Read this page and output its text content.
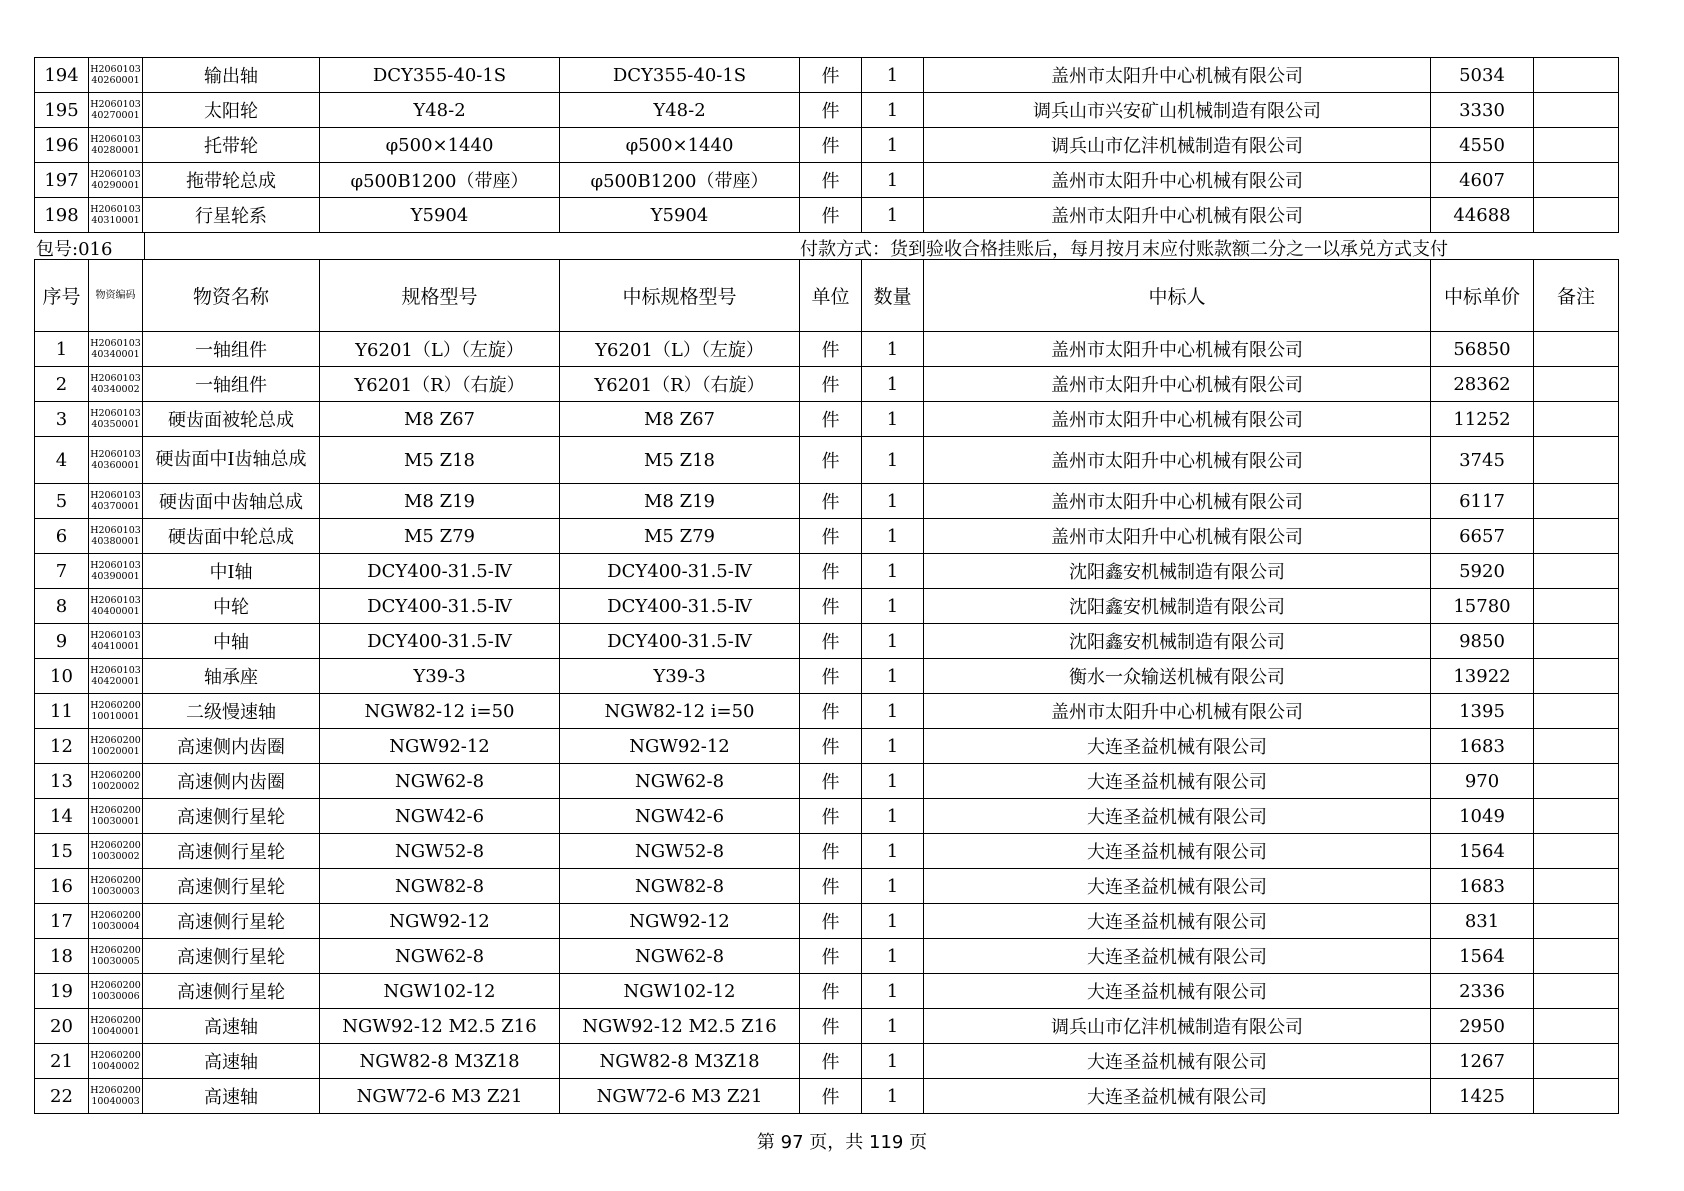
194	H2060103 40260001	输出轴	DCY355-40-1S	DCY355-40-1S	件	1	盖州市太阳升中心机械有限公司	5034	
195	H2060103 40270001	太阳轮	Y48-2	Y48-2	件	1	调兵山市兴安矿山机械制造有限公司	3330	
196	H2060103 40280001	托带轮	φ500×1440	φ500×1440	件	1	调兵山市亿沣机械制造有限公司	4550	
197	H2060103 40290001	拖带轮总成	φ500B1200（带座）	φ500B1200（带座）	件	1	盖州市太阳升中心机械有限公司	4607	
198	H2060103 40310001	行星轮系	Y5904	Y5904	件	1	盖州市太阳升中心机械有限公司	44688	
包号:016	付款方式：货到验收合格挂账后，每月按月末应付账款额二分之一以承兑方式支付
序号	物资编码	物资名称	规格型号	中标规格型号	单位	数量	中标人	中标单价	备注
1	H2060103 40340001	一轴组件	Y6201（L）（左旋）	Y6201（L）（左旋）	件	1	盖州市太阳升中心机械有限公司	56850	
2	H2060103 40340002	一轴组件	Y6201（R）（右旋）	Y6201（R）（右旋）	件	1	盖州市太阳升中心机械有限公司	28362	
3	H2060103 40350001	硬齿面被轮总成	M8 Z67	M8 Z67	件	1	盖州市太阳升中心机械有限公司	11252	
4	H2060103 40360001	硬齿面中I齿轴总成	M5 Z18	M5 Z18	件	1	盖州市太阳升中心机械有限公司	3745	
5	H2060103 40370001	硬齿面中齿轴总成	M8 Z19	M8 Z19	件	1	盖州市太阳升中心机械有限公司	6117	
6	H2060103 40380001	硬齿面中轮总成	M5 Z79	M5 Z79	件	1	盖州市太阳升中心机械有限公司	6657	
7	H2060103 40390001	中Ⅰ轴	DCY400-31.5-Ⅳ	DCY400-31.5-Ⅳ	件	1	沈阳鑫安机械制造有限公司	5920	
8	H2060103 40400001	中轮	DCY400-31.5-Ⅳ	DCY400-31.5-Ⅳ	件	1	沈阳鑫安机械制造有限公司	15780	
9	H2060103 40410001	中轴	DCY400-31.5-Ⅳ	DCY400-31.5-Ⅳ	件	1	沈阳鑫安机械制造有限公司	9850	
10	H2060103 40420001	轴承座	Y39-3	Y39-3	件	1	衡水一众输送机械有限公司	13922	
11	H2060200 10010001	二级慢速轴	NGW82-12 i=50	NGW82-12 i=50	件	1	盖州市太阳升中心机械有限公司	1395	
12	H2060200 10020001	高速侧内齿圈	NGW92-12	NGW92-12	件	1	大连圣益机械有限公司	1683	
13	H2060200 10020002	高速侧内齿圈	NGW62-8	NGW62-8	件	1	大连圣益机械有限公司	970	
14	H2060200 10030001	高速侧行星轮	NGW42-6	NGW42-6	件	1	大连圣益机械有限公司	1049	
15	H2060200 10030002	高速侧行星轮	NGW52-8	NGW52-8	件	1	大连圣益机械有限公司	1564	
16	H2060200 10030003	高速侧行星轮	NGW82-8	NGW82-8	件	1	大连圣益机械有限公司	1683	
17	H2060200 10030004	高速侧行星轮	NGW92-12	NGW92-12	件	1	大连圣益机械有限公司	831	
18	H2060200 10030005	高速侧行星轮	NGW62-8	NGW62-8	件	1	大连圣益机械有限公司	1564	
19	H2060200 10030006	高速侧行星轮	NGW102-12	NGW102-12	件	1	大连圣益机械有限公司	2336	
20	H2060200 10040001	高速轴	NGW92-12 M2.5 Z16	NGW92-12 M2.5 Z16	件	1	调兵山市亿沣机械制造有限公司	2950	
21	H2060200 10040002	高速轴	NGW82-8 M3Z18	NGW82-8 M3Z18	件	1	大连圣益机械有限公司	1267	
22	H2060200 10040003	高速轴	NGW72-6 M3 Z21	NGW72-6 M3 Z21	件	1	大连圣益机械有限公司	1425	
第 97 页，共 119 页
